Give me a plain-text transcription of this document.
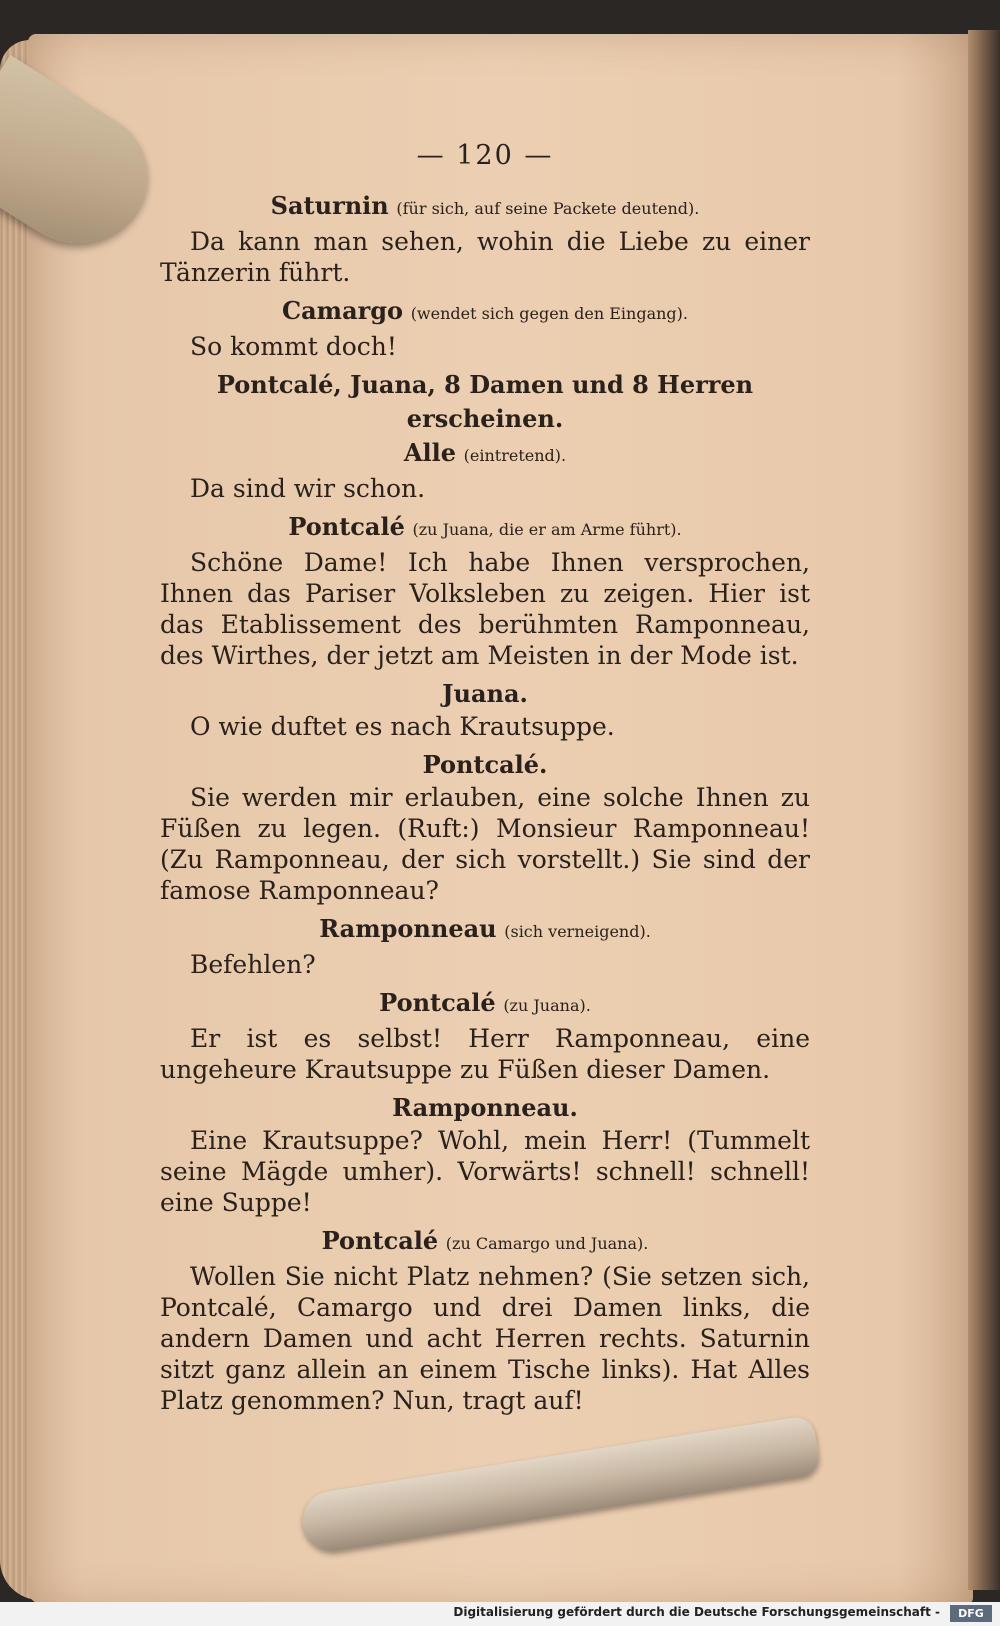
— 120 —

Saturnin (für sich, auf seine Packete deutend).

Da kann man sehen, wohin die Liebe zu einer Tänzerin führt.

Camargo (wendet sich gegen den Eingang).

So kommt doch!

Pontcalé, Juana, 8 Damen und 8 Herren erscheinen.

Alle (eintretend).

Da sind wir schon.

Pontcalé (zu Juana, die er am Arme führt).

Schöne Dame! Ich habe Ihnen versprochen, Ihnen das Pariser Volksleben zu zeigen. Hier ist das Etablissement des berühmten Ramponneau, des Wirthes, der jetzt am Meisten in der Mode ist.

Juana.

O wie duftet es nach Krautsuppe.

Pontcalé.

Sie werden mir erlauben, eine solche Ihnen zu Füßen zu legen. (Ruft:) Monsieur Ramponneau! (Zu Ramponneau, der sich vorstellt.) Sie sind der famose Ramponneau?

Ramponneau (sich verneigend).

Befehlen?

Pontcalé (zu Juana).

Er ist es selbst! Herr Ramponneau, eine ungeheure Krautsuppe zu Füßen dieser Damen.

Ramponneau.

Eine Krautsuppe? Wohl, mein Herr! (Tummelt seine Mägde umher). Vorwärts! schnell! schnell! eine Suppe!

Pontcalé (zu Camargo und Juana).

Wollen Sie nicht Platz nehmen? (Sie setzen sich, Pontcalé, Camargo und drei Damen links, die andern Damen und acht Herren rechts. Saturnin sitzt ganz allein an einem Tische links). Hat Alles Platz genommen? Nun, tragt auf!

Digitalisierung gefördert durch die Deutsche Forschungsgemeinschaft -	DFG
